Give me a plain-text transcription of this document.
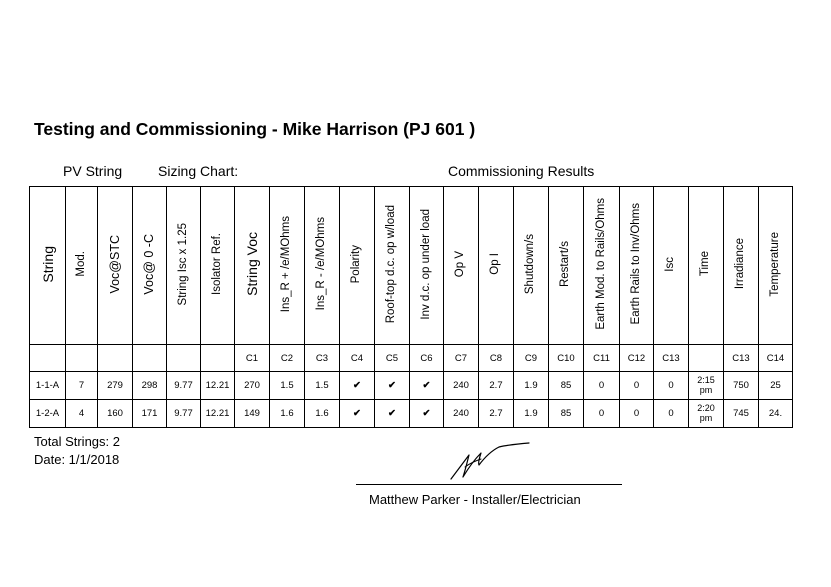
Testing and Commissioning - Mike Harrison (PJ 601 )
PV String	Sizing Chart:	Commissioning Results
String	Mod.	Voc@STC	Voc@ 0 -C	String Isc x 1.25	Isolator Ref.	String Voc	Ins_R + /e/MOhms	Ins_R - /e/MOhms	Polarity	Roof-top d.c. op w/load	Inv d.c. op under load	Op V	Op I	Shutdown/s	Restart/s	Earth Mod. to Rails/Ohms	Earth Rails to Inv/Ohms	Isc	Time	Irradiance	Temperature
						C1	C2	C3	C4	C5	C6	C7	C8	C9	C10	C11	C12	C13		C13	C14
1-1-A	7	279	298	9.77	12.21	270	1.5	1.5	✔	✔	✔	240	2.7	1.9	85	0	0	0	2:15 pm	750	25
1-2-A	4	160	171	9.77	12.21	149	1.6	1.6	✔	✔	✔	240	2.7	1.9	85	0	0	0	2:20 pm	745	24.
Total Strings: 2
Date: 1/1/2018
Matthew Parker - Installer/Electrician
